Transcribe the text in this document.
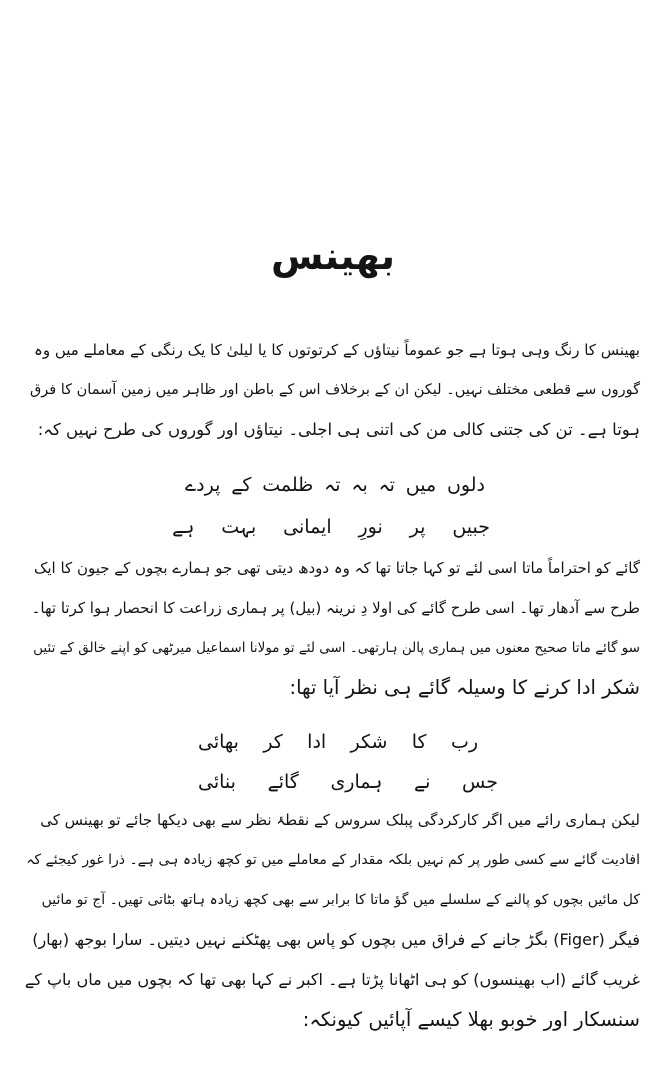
بھینس

بھینس کا رنگ وہی ہوتا ہے جو عموماً نیتاؤں کے کرتوتوں کا یا لیلیٰ کا یک رنگی کے معاملے میں وہ

گوروں سے قطعی مختلف نہیں۔ لیکن ان کے برخلاف اس کے باطن اور ظاہر میں زمین آسمان کا فرق

ہوتا ہے۔ تن کی جتنی کالی من کی اتنی ہی اجلی۔ نیتاؤں اور گوروں کی طرح نہیں کہ:

دلوں
میں
تہ
بہ
تہ
ظلمت
کے
پردے
جبیں
پر
نورِ
ایمانی
بہت
ہے

گائے کو احتراماً ماتا اسی لئے تو کہا جاتا تھا کہ وہ دودھ دیتی تھی جو ہمارے بچوں کے جیون کا ایک

طرح سے آدھار تھا۔ اسی طرح گائے کی اولا دِ نرینہ (بیل) پر ہماری زراعت کا انحصار ہوا کرتا تھا۔

سو گائے ماتا صحیح معنوں میں ہماری پالن ہارتھی۔ اسی لئے تو مولانا اسماعیل میرٹھی کو اپنے خالق کے تئیں

شکر ادا کرنے کا وسیلہ گائے ہی نظر آیا تھا:

رب
کا
شکر
ادا
کر
بھائی
جس
نے
ہماری
گائے
بنائی

لیکن ہماری رائے میں اگر کارکردگی پبلک سروس کے نقطۂ نظر سے بھی دیکھا جائے تو بھینس کی

افادیت گائے سے کسی طور پر کم نہیں بلکہ مقدار کے معاملے میں تو کچھ زیادہ ہی ہے۔ ذرا غور کیجئے کہ

کل مائیں بچوں کو پالنے کے سلسلے میں گؤ ماتا کا برابر سے بھی کچھ زیادہ ہاتھ بٹاتی تھیں۔ آج تو مائیں

فیگر (Figer) بگڑ جانے کے فراق میں بچوں کو پاس بھی پھٹکنے نہیں دیتیں۔ سارا بوجھ (بھار)

غریب گائے (اب بھینسوں) کو ہی اٹھانا پڑتا ہے۔ اکبر نے کہا بھی تھا کہ بچوں میں ماں باپ کے

سنسکار اور خوبو بھلا کیسے آپائیں کیونکہ:
